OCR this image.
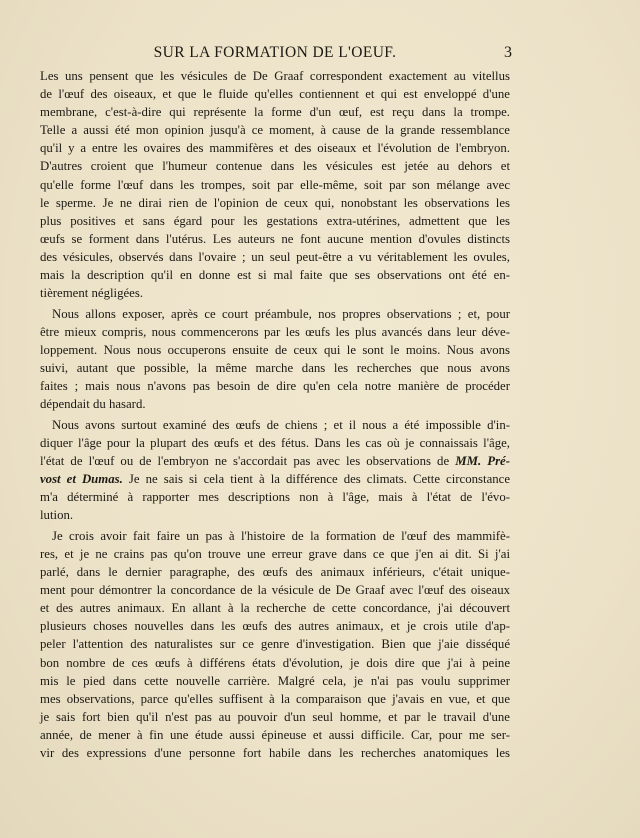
SUR LA FORMATION DE L'OEUF.	3
Les uns pensent que les vésicules de De Graaf correspondent exactement au vitellus
de l'œuf des oiseaux, et que le fluide qu'elles contiennent et qui est enveloppé d'une
membrane, c'est-à-dire qui représente la forme d'un œuf, est reçu dans la trompe.
Telle a aussi été mon opinion jusqu'à ce moment, à cause de la grande ressemblance
qu'il y a entre les ovaires des mammifères et des oiseaux et l'évolution de l'embryon.
D'autres croient que l'humeur contenue dans les vésicules est jetée au dehors et
qu'elle forme l'œuf dans les trompes, soit par elle-même, soit par son mélange avec
le sperme. Je ne dirai rien de l'opinion de ceux qui, nonobstant les observations les
plus positives et sans égard pour les gestations extra-utérines, admettent que les
œufs se forment dans l'utérus. Les auteurs ne font aucune mention d'ovules distincts
des vésicules, observés dans l'ovaire ; un seul peut-être a vu véritablement les ovules,
mais la description qu'il en donne est si mal faite que ses observations ont été en-
tièrement négligées.
Nous allons exposer, après ce court préambule, nos propres observations ; et, pour
être mieux compris, nous commencerons par les œufs les plus avancés dans leur déve-
loppement. Nous nous occuperons ensuite de ceux qui le sont le moins. Nous avons
suivi, autant que possible, la même marche dans les recherches que nous avons
faites ; mais nous n'avons pas besoin de dire qu'en cela notre manière de procéder
dépendait du hasard.
Nous avons surtout examiné des œufs de chiens ; et il nous a été impossible d'in-
diquer l'âge pour la plupart des œufs et des fétus. Dans les cas où je connaissais l'âge,
l'état de l'œuf ou de l'embryon ne s'accordait pas avec les observations de MM. Pré-
vost et Dumas. Je ne sais si cela tient à la différence des climats. Cette circonstance
m'a déterminé à rapporter mes descriptions non à l'âge, mais à l'état de l'évo-
lution.
Je crois avoir fait faire un pas à l'histoire de la formation de l'œuf des mammifè-
res, et je ne crains pas qu'on trouve une erreur grave dans ce que j'en ai dit. Si j'ai
parlé, dans le dernier paragraphe, des œufs des animaux inférieurs, c'était unique-
ment pour démontrer la concordance de la vésicule de De Graaf avec l'œuf des oiseaux
et des autres animaux. En allant à la recherche de cette concordance, j'ai découvert
plusieurs choses nouvelles dans les œufs des autres animaux, et je crois utile d'ap-
peler l'attention des naturalistes sur ce genre d'investigation. Bien que j'aie disséqué
bon nombre de ces œufs à différens états d'évolution, je dois dire que j'ai à peine
mis le pied dans cette nouvelle carrière. Malgré cela, je n'ai pas voulu supprimer
mes observations, parce qu'elles suffisent à la comparaison que j'avais en vue, et que
je sais fort bien qu'il n'est pas au pouvoir d'un seul homme, et par le travail d'une
année, de mener à fin une étude aussi épineuse et aussi difficile. Car, pour me ser-
vir des expressions d'une personne fort habile dans les recherches anatomiques les
